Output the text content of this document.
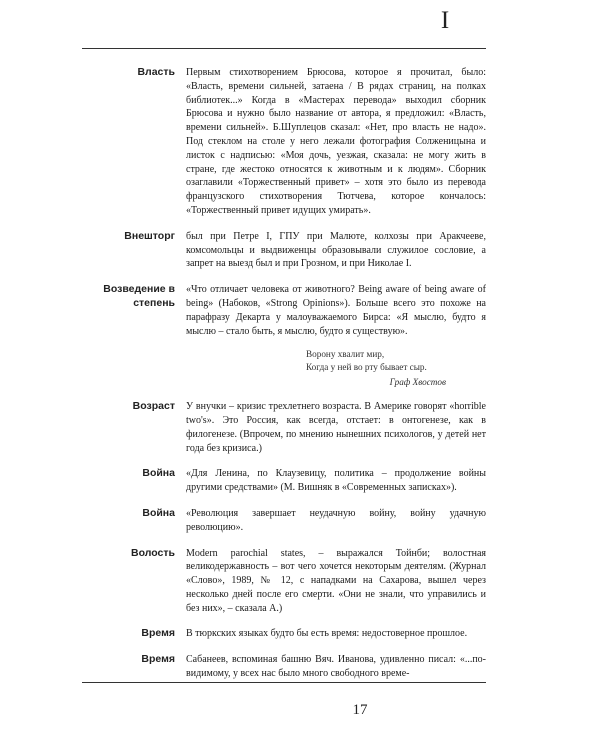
I
Власть Первым стихотворением Брюсова, которое я прочитал, было: «Власть, времени сильней, затаена / В рядах страниц, на полках библиотек...» Когда в «Мастерах перевода» выходил сборник Брюсова и нужно было название от автора, я предложил: «Власть, времени сильней». Б.Шуплецов сказал: «Нет, про власть не надо». Под стеклом на столе у него лежали фотография Солженицына и листок с надписью: «Моя дочь, уезжая, сказала: не могу жить в стране, где жестоко относятся к животным и к людям». Сборник озаглавили «Торжественный привет» – хотя это было из перевода французского стихотворения Тютчева, которое кончалось: «Торжественный привет идущих умирать».

Внешторг был при Петре I, ГПУ при Малюте, колхозы при Аракчееве, комсомольцы и выдвиженцы образовывали служилое сословие, а запрет на выезд был и при Грозном, и при Николае I.

Возведение в степень

«Что отличает человека от животного? Being aware of being aware of being» (Набоков, «Strong Opinions»). Больше всего это похоже на парафразу Декарта у малоуважаемого Бирса: «Я мыслю, будто я мыслю – стало быть, я мыслю, будто я существую».

Ворону хвалит мир,
Когда у ней во рту бывает сыр.
Граф Хвостов
Возраст У внучки – кризис трехлетнего возраста. В Америке говорят «horrible two's». Это Россия, как всегда, отстает: в онтогенезе, как в филогенезе. (Впрочем, по мнению нынешних психологов, у детей нет года без кризиса.)

Война «Для Ленина, по Клаузевицу, политика – продолжение войны другими средствами» (М. Вишняк в «Современных записках»).

Война «Революция завершает неудачную войну, войну удачную революцию».

Волость Modern parochial states, – выражался Тойнби; волостная великодержавность – вот чего хочется некоторым деятелям. (Журнал «Слово», 1989, № 12, с нападками на Сахарова, вышел через несколько дней после его смерти. «Они не знали, что управились и без них», – сказала А.)

Время В тюркских языках будто бы есть время: недостоверное прошлое.

Время Сабанеев, вспоминая башню Вяч. Иванова, удивленно писал: «...по-видимому, у всех нас было много свободного време-

17
